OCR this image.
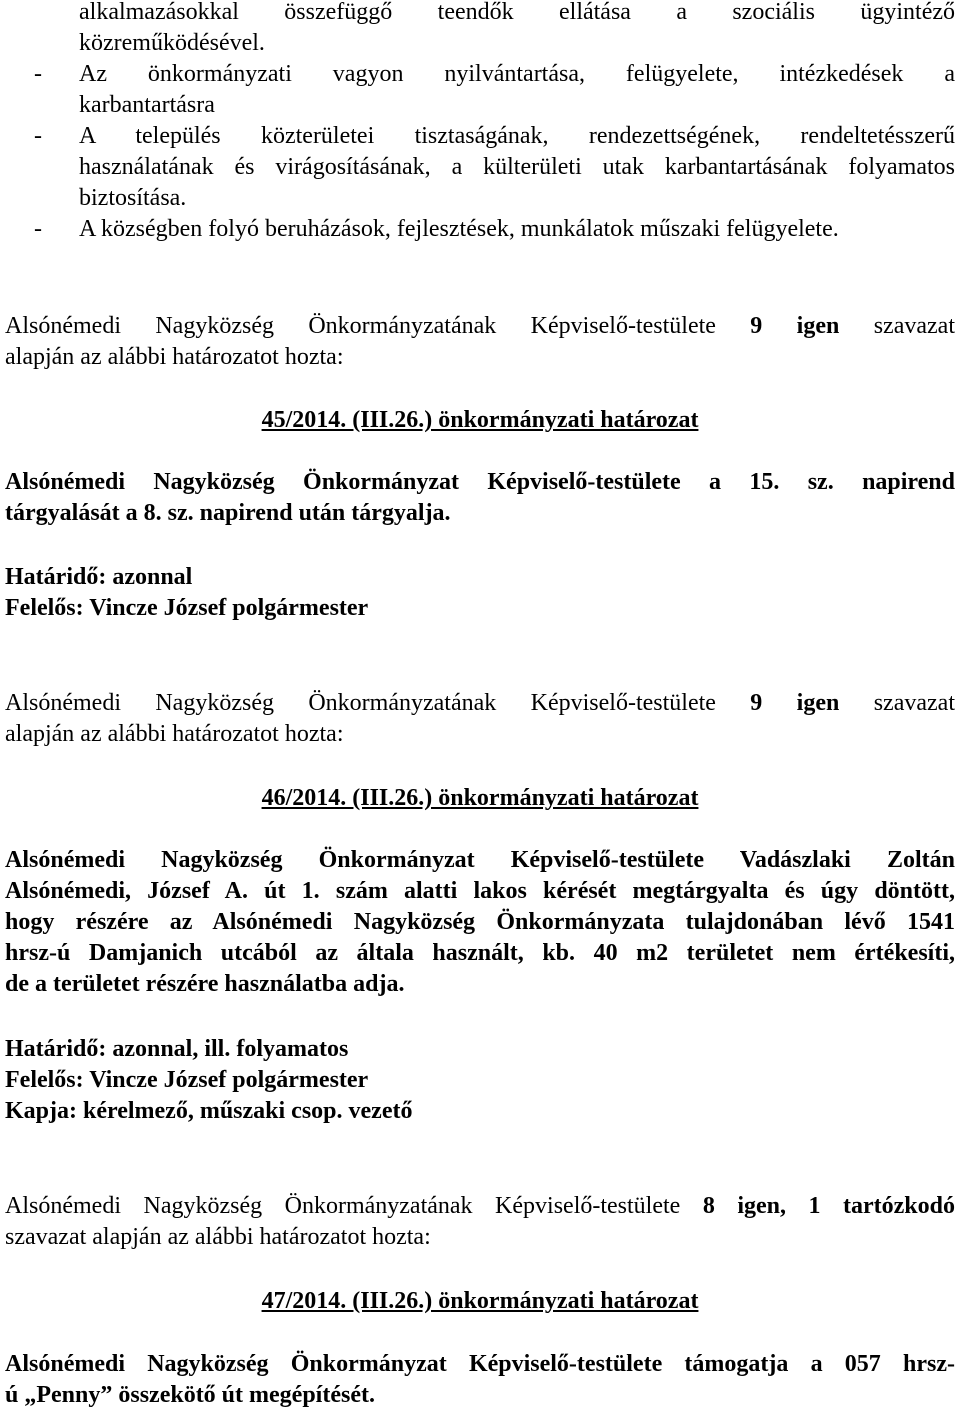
alkalmazásokkal összefüggő teendők ellátása a szociális ügyintéző
közreműködésével.
-	Az önkormányzati vagyon nyilvántartása, felügyelete, intézkedések a
karbantartásra
-	A település közterületei tisztaságának, rendezettségének, rendeltetésszerű
használatának és virágosításának, a külterületi utak karbantartásának folyamatos
biztosítása.
-	A községben folyó beruházások, fejlesztések, munkálatok műszaki felügyelete.
Alsónémedi Nagyközség Önkormányzatának Képviselő-testülete 9 igen szavazat
alapján az alábbi határozatot hozta:
45/2014. (III.26.) önkormányzati határozat
Alsónémedi Nagyközség Önkormányzat Képviselő-testülete a 15. sz. napirend
tárgyalását a 8. sz. napirend után tárgyalja.
Határidő: azonnal
Felelős: Vincze József polgármester
Alsónémedi Nagyközség Önkormányzatának Képviselő-testülete 9 igen szavazat
alapján az alábbi határozatot hozta:
46/2014. (III.26.) önkormányzati határozat
Alsónémedi Nagyközség Önkormányzat Képviselő-testülete Vadászlaki Zoltán
Alsónémedi, József A. út 1. szám alatti lakos kérését megtárgyalta és úgy döntött,
hogy részére az Alsónémedi Nagyközség Önkormányzata tulajdonában lévő 1541
hrsz-ú Damjanich utcából az általa használt, kb. 40 m2 területet nem értékesíti,
de a területet részére használatba adja.
Határidő: azonnal, ill. folyamatos
Felelős: Vincze József polgármester
Kapja: kérelmező, műszaki csop. vezető
Alsónémedi Nagyközség Önkormányzatának Képviselő-testülete 8 igen, 1 tartózkodó
szavazat alapján az alábbi határozatot hozta:
47/2014. (III.26.) önkormányzati határozat
Alsónémedi Nagyközség Önkormányzat Képviselő-testülete támogatja a 057 hrsz-
ú „Penny” összekötő út megépítését.
